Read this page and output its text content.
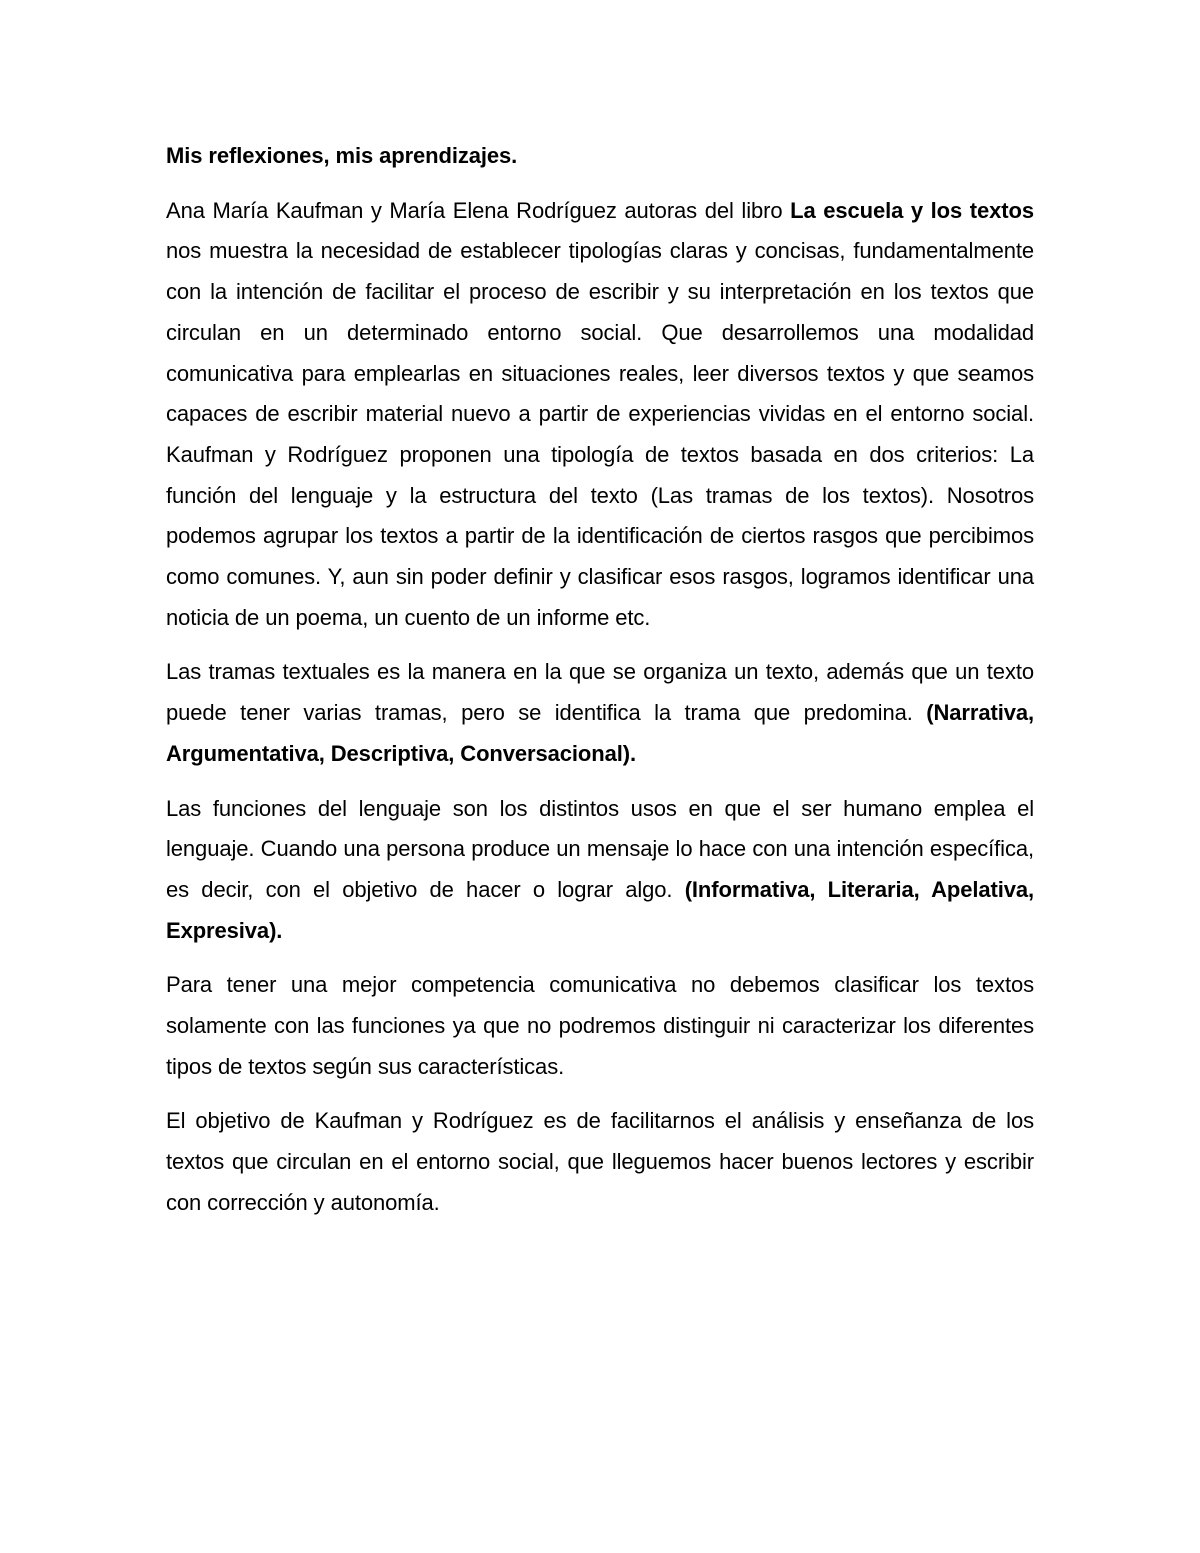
Mis reflexiones, mis aprendizajes.

Ana María Kaufman y María Elena Rodríguez autoras del libro La escuela y los textos nos muestra la necesidad de establecer tipologías claras y concisas, fundamentalmente con la intención de facilitar el proceso de escribir y su interpretación en los textos que circulan en un determinado entorno social. Que desarrollemos una modalidad comunicativa para emplearlas en situaciones reales, leer diversos textos y que seamos capaces de escribir material nuevo a partir de experiencias vividas en el entorno social. Kaufman y Rodríguez proponen una tipología de textos basada en dos criterios: La función del lenguaje y la estructura del texto (Las tramas de los textos). Nosotros podemos agrupar los textos a partir de la identificación de ciertos rasgos que percibimos como comunes. Y, aun sin poder definir y clasificar esos rasgos, logramos identificar una noticia de un poema, un cuento de un informe etc.

Las tramas textuales es la manera en la que se organiza un texto, además que un texto puede tener varias tramas, pero se identifica la trama que predomina. (Narrativa, Argumentativa, Descriptiva, Conversacional).

Las funciones del lenguaje son los distintos usos en que el ser humano emplea el lenguaje. Cuando una persona produce un mensaje lo hace con una intención específica, es decir, con el objetivo de hacer o lograr algo. (Informativa, Literaria, Apelativa, Expresiva).

Para tener una mejor competencia comunicativa no debemos clasificar los textos solamente con las funciones ya que no podremos distinguir ni caracterizar los diferentes tipos de textos según sus características.

El objetivo de Kaufman y Rodríguez es de facilitarnos el análisis y enseñanza de los textos que circulan en el entorno social, que lleguemos hacer buenos lectores y escribir con corrección y autonomía.
